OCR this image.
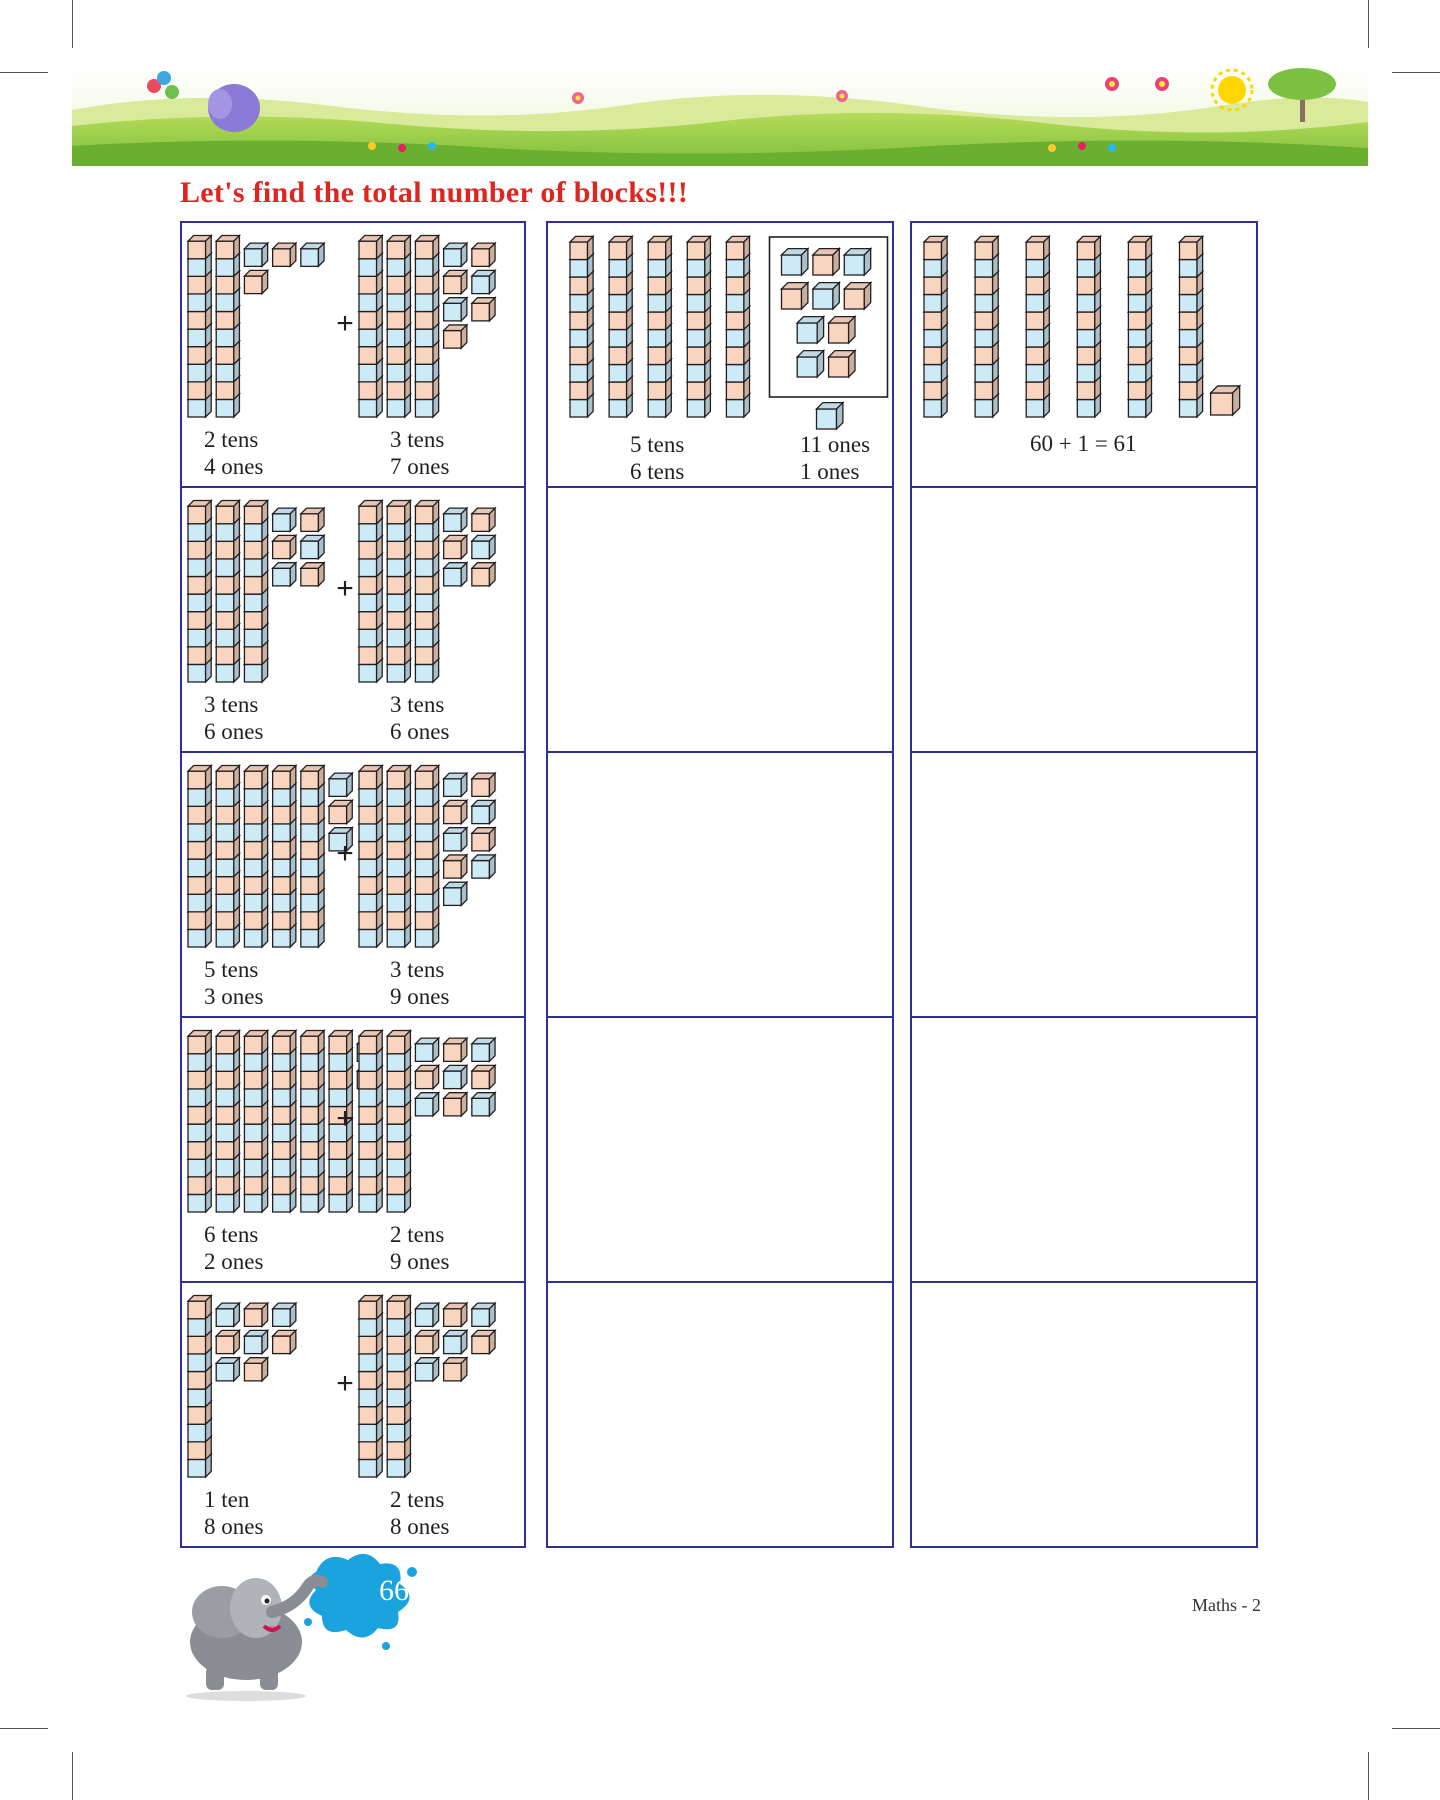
Let's find the total number of blocks!!!
+
2 tens
4 ones
3 tens
7 ones
+
3 tens
6 ones
3 tens
6 ones
+
5 tens
3 ones
3 tens
9 ones
+
6 tens
2 ones
2 tens
9 ones
+
1 ten
8 ones
2 tens
8 ones
5 tens	11 ones
6 tens	1 ones
60 + 1 = 61
Maths - 2
66
